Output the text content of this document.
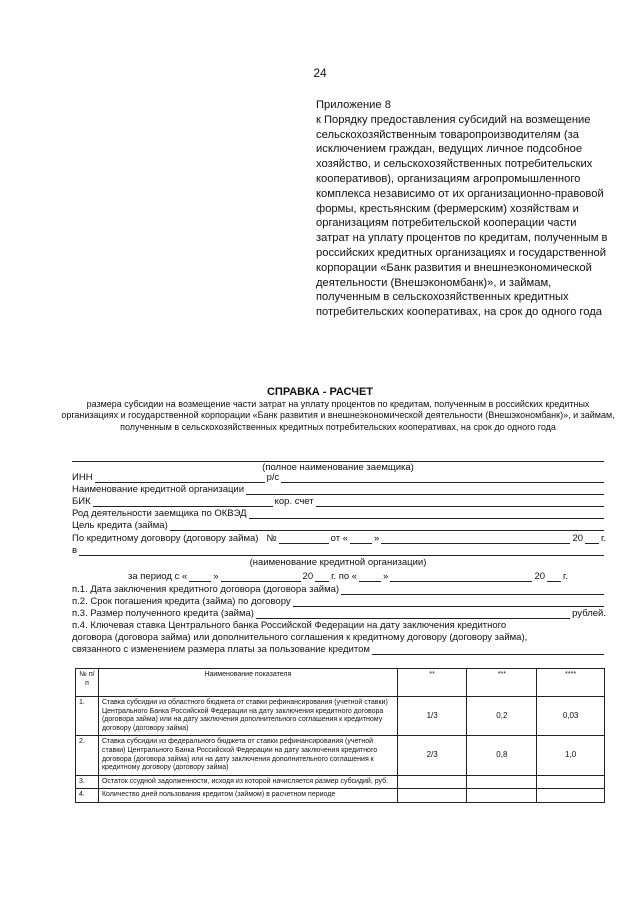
24
Приложение 8
к Порядку предоставления субсидий на возмещение сельскохозяйственным товаропроизводителям (за исключением граждан, ведущих личное подсобное хозяйство, и сельскохозяйственных потребительских кооперативов), организациям агропромышленного комплекса независимо от их организационно-правовой формы, крестьянским (фермерским) хозяйствам и организациям потребительской кооперации части затрат на уплату процентов по кредитам, полученным в российских кредитных организациях и государственной корпорации «Банк развития и внешнеэкономической деятельности (Внешэкономбанк)», и займам, полученным в сельскохозяйственных кредитных потребительских кооперативах, на срок до одного года
СПРАВКА - РАСЧЕТ
размера субсидии на возмещение части затрат на уплату процентов по кредитам, полученным в российских кредитных организациях и государственной корпорации «Банк развития и внешнеэкономической деятельности (Внешэкономбанк)», и займам, полученным в сельскохозяйственных кредитных потребительских кооперативах, на срок до одного года
(полное наименование заемщика)
ИНН	р/с
Наименование кредитной организации
БИК	кор. счет
Род деятельности заемщика по ОКВЭД
Цель кредита (займа)
По кредитному договору (договору займа) №	от «	»	20 г.
в
(наименование кредитной организации)
за период с «	»	20 г. по «	»	20 г.
п.1. Дата заключения кредитного договора (договора займа)
п.2. Срок погашения кредита (займа) по договору
п.3. Размер полученного кредита (займа)	рублей.
п.4. Ключевая ставка Центрального банка Российской Федерации на дату заключения кредитного
договора (договора займа) или дополнительного соглашения к кредитному договору (договору займа),
связанного с изменением размера платы за пользование кредитом
№ п/п	Наименование показателя	**	***	****
1.	Ставка субсидии из областного бюджета от ставки рефинансирования (учетной ставки) Центрального Банка Российской Федерации на дату заключения кредитного договора (договора займа) или на дату заключения дополнительного соглашения к кредитному договору (договору займа)	1/3	0,2	0,03
2.	Ставка субсидии из федерального бюджета от ставки рефинансирования (учетной ставки) Центрального Банка Российской Федерации на дату заключения кредитного договора (договора займа) или на дату заключения дополнительного соглашения к кредитному договору (договору займа)	2/3	0,8	1,0
3.	Остаток ссудной задолженности, исходя из которой начисляется размер субсидий, руб.			
4.	Количество дней пользования кредитом (займом) в расчетном периоде			
